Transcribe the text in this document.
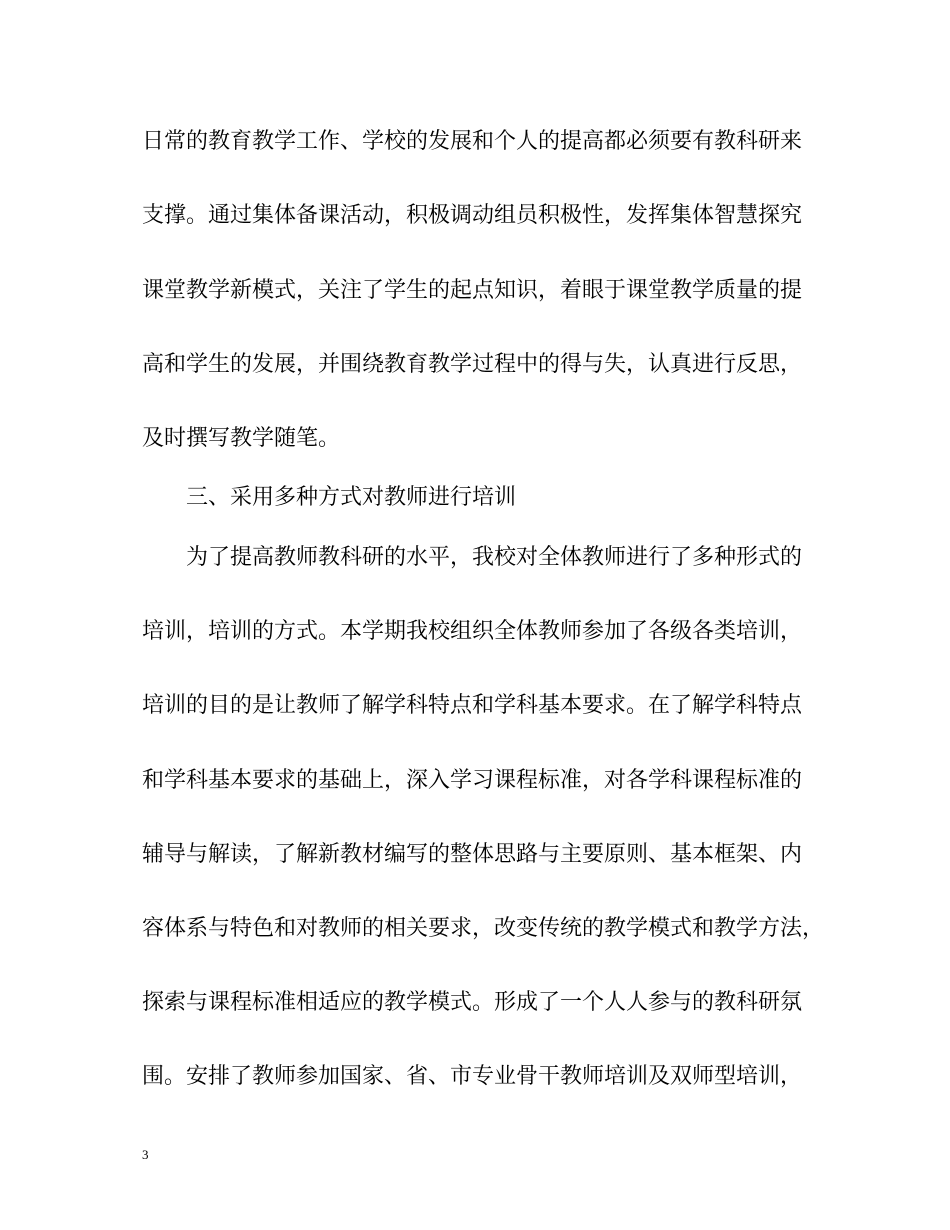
日常的教育教学工作、学校的发展和个人的提高都必须要有教科研来
支撑。通过集体备课活动，积极调动组员积极性，发挥集体智慧探究
课堂教学新模式，关注了学生的起点知识，着眼于课堂教学质量的提
高和学生的发展，并围绕教育教学过程中的得与失，认真进行反思，
及时撰写教学随笔。
三、采用多种方式对教师进行培训
为了提高教师教科研的水平，我校对全体教师进行了多种形式的
培训，培训的方式。本学期我校组织全体教师参加了各级各类培训，
培训的目的是让教师了解学科特点和学科基本要求。在了解学科特点
和学科基本要求的基础上，深入学习课程标准，对各学科课程标准的
辅导与解读，了解新教材编写的整体思路与主要原则、基本框架、内
容体系与特色和对教师的相关要求，改变传统的教学模式和教学方法，
探索与课程标准相适应的教学模式。形成了一个人人参与的教科研氛
围。安排了教师参加国家、省、市专业骨干教师培训及双师型培训，
3
